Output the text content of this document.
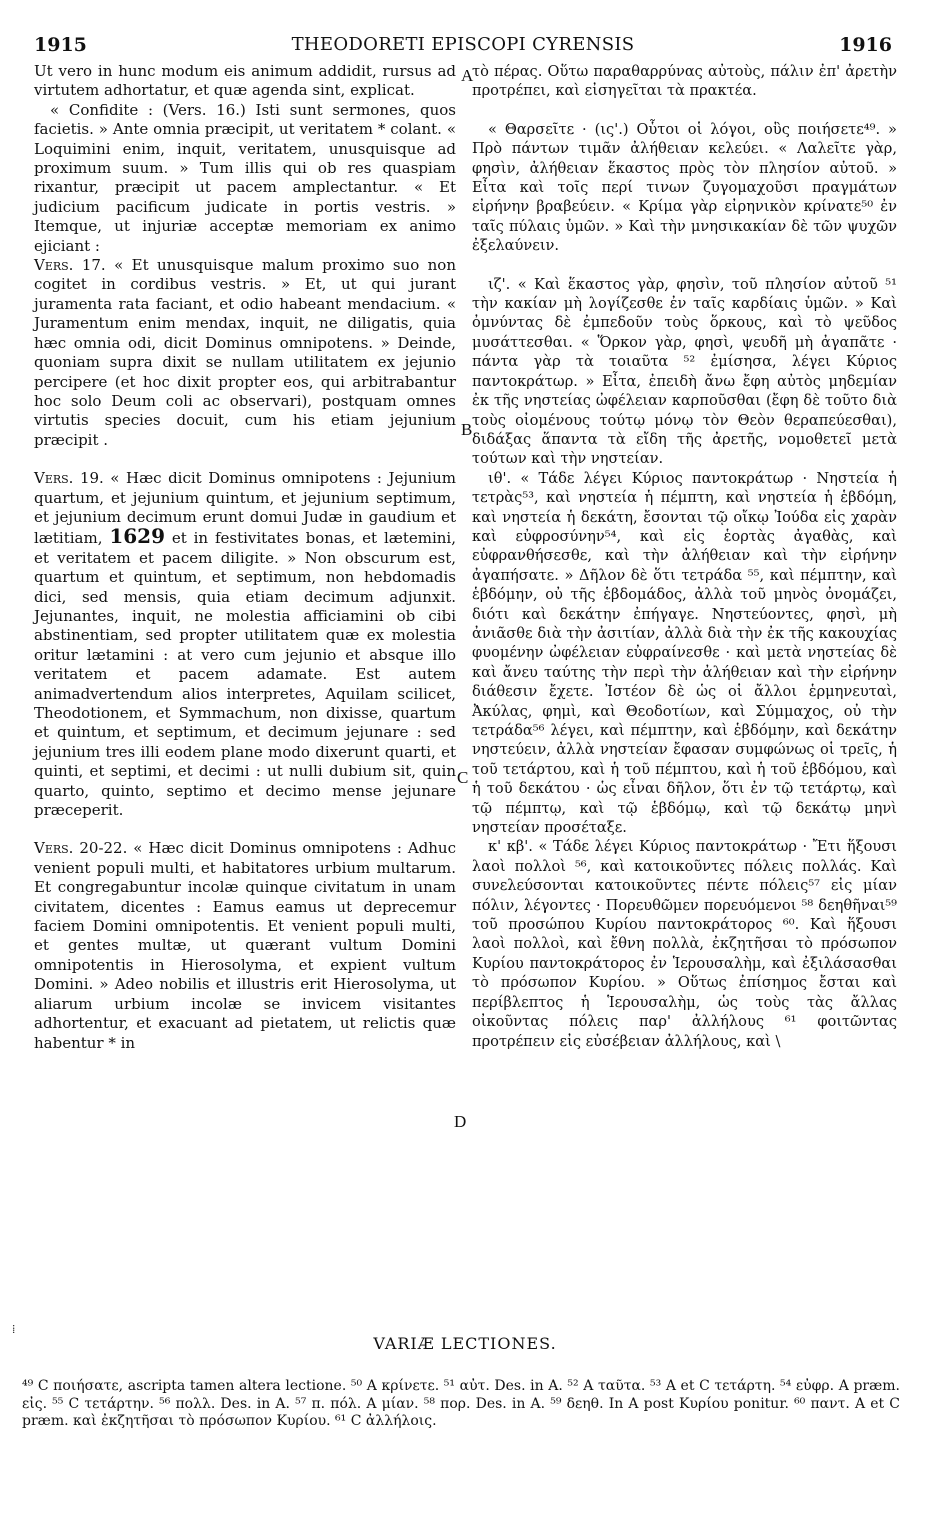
1915	THEODORETI EPISCOPI CYRENSIS	1916

Ut vero in hunc modum eis animum addidit, rursus ad virtutem adhortatur, et quæ agenda sint, explicat.

« Confidite : (Vers. 16.) Isti sunt sermones, quos facietis. » Ante omnia præcipit, ut veritatem * colant. « Loquimini enim, inquit, veritatem, unusquisque ad proximum suum. » Tum illis qui ob res quaspiam rixantur, præcipit ut pacem amplectantur. « Et judicium pacificum judicate in portis vestris. » Itemque, ut injuriæ acceptæ memoriam ex animo ejiciant :

Vers. 17. « Et unusquisque malum proximo suo non cogitet in cordibus vestris. » Et, ut qui jurant juramenta rata faciant, et odio habeant mendacium. « Juramentum enim mendax, inquit, ne diligatis, quia hæc omnia odi, dicit Dominus omnipotens. » Deinde, quoniam supra dixit se nullam utilitatem ex jejunio percipere (et hoc dixit propter eos, qui arbitrabantur hoc solo Deum coli ac observari), postquam omnes virtutis species docuit, cum his etiam jejunium præcipit .

Vers. 19. « Hæc dicit Dominus omnipotens : Jejunium quartum, et jejunium quintum, et jejunium septimum, et jejunium decimum erunt domui Judæ in gaudium et lætitiam, 1629 et in festivitates bonas, et lætemini, et veritatem et pacem diligite. » Non obscurum est, quartum et quintum, et septimum, non hebdomadis dici, sed mensis, quia etiam decimum adjunxit. Jejunantes, inquit, ne molestia afficiamini ob cibi abstinentiam, sed propter utilitatem quæ ex molestia oritur lætamini : at vero cum jejunio et absque illo veritatem et pacem adamate. Est autem animadvertendum alios interpretes, Aquilam scilicet, Theodotionem, et Symmachum, non dixisse, quartum et quintum, et septimum, et decimum jejunare : sed jejunium tres illi eodem plane modo dixerunt quarti, et quinti, et septimi, et decimi : ut nulli dubium sit, quin quarto, quinto, septimo et decimo mense jejunare præceperit.

Vers. 20-22. « Hæc dicit Dominus omnipotens : Adhuc venient populi multi, et habitatores urbium multarum. Et congregabuntur incolæ quinque civitatum in unam civitatem, dicentes : Eamus eamus ut deprecemur faciem Domini omnipotentis. Et venient populi multi, et gentes multæ, ut quærant vultum Domini omnipotentis in Hierosolyma, et expient vultum Domini. » Adeo nobilis et illustris erit Hierosolyma, ut aliarum urbium incolæ se invicem visitantes adhortentur, et exacuant ad pietatem, ut relictis quæ habentur * in

A
B
C
D

τὸ πέρας. Οὕτω παραθαρρύνας αὐτοὺς, πάλιν ἐπ' ἀρετὴν προτρέπει, καὶ εἰσηγεῖται τὰ πρακτέα.

« Θαρσεῖτε · (ις'.) Οὗτοι οἱ λόγοι, οὓς ποιήσετε⁴⁹. » Πρὸ πάντων τιμᾶν ἀλήθειαν κελεύει. « Λαλεῖτε γὰρ, φησὶν, ἀλήθειαν ἕκαστος πρὸς τὸν πλησίον αὐτοῦ. » Εἶτα καὶ τοῖς περί τινων ζυγομαχοῦσι πραγμάτων εἰρήνην βραβεύειν. « Κρίμα γὰρ εἰρηνικὸν κρίνατε⁵⁰ ἐν ταῖς πύλαις ὑμῶν. » Καὶ τὴν μνησικακίαν δὲ τῶν ψυχῶν ἐξελαύνειν.

ιζ'. « Καὶ ἕκαστος γὰρ, φησὶν, τοῦ πλησίον αὐτοῦ ⁵¹ τὴν κακίαν μὴ λογίζεσθε ἐν ταῖς καρδίαις ὑμῶν. » Καὶ ὀμνύντας δὲ ἐμπεδοῦν τοὺς ὅρκους, καὶ τὸ ψεῦδος μυσάττεσθαι. « Ὅρκον γὰρ, φησὶ, ψευδῆ μὴ ἀγαπᾶτε · πάντα γὰρ τὰ τοιαῦτα ⁵² ἐμίσησα, λέγει Κύριος παντοκράτωρ. » Εἶτα, ἐπειδὴ ἄνω ἔφη αὐτὸς μηδεμίαν ἐκ τῆς νηστείας ὠφέλειαν καρποῦσθαι (ἔφη δὲ τοῦτο διὰ τοὺς οἰομένους τούτῳ μόνῳ τὸν Θεὸν θεραπεύεσθαι), διδάξας ἅπαντα τὰ εἴδη τῆς ἀρετῆς, νομοθετεῖ μετὰ τούτων καὶ τὴν νηστείαν.

ιθ'. « Τάδε λέγει Κύριος παντοκράτωρ · Νηστεία ἡ τετρὰς⁵³, καὶ νηστεία ἡ πέμπτη, καὶ νηστεία ἡ ἑβδόμη, καὶ νηστεία ἡ δεκάτη, ἔσονται τῷ οἴκῳ Ἰούδα εἰς χαρὰν καὶ εὐφροσύνην⁵⁴, καὶ εἰς ἑορτὰς ἀγαθὰς, καὶ εὐφρανθήσεσθε, καὶ τὴν ἀλήθειαν καὶ τὴν εἰρήνην ἀγαπήσατε. » Δῆλον δὲ ὅτι τετράδα ⁵⁵, καὶ πέμπτην, καὶ ἑβδόμην, οὐ τῆς ἑβδομάδος, ἀλλὰ τοῦ μηνὸς ὀνομάζει, διότι καὶ δεκάτην ἐπήγαγε. Νηστεύοντες, φησὶ, μὴ ἀνιᾶσθε διὰ τὴν ἀσιτίαν, ἀλλὰ διὰ τὴν ἐκ τῆς κακουχίας φυομένην ὠφέλειαν εὐφραίνεσθε · καὶ μετὰ νηστείας δὲ καὶ ἄνευ ταύτης τὴν περὶ τὴν ἀλήθειαν καὶ τὴν εἰρήνην διάθεσιν ἔχετε. Ἰστέον δὲ ὡς οἱ ἄλλοι ἑρμηνευταὶ, Ἀκύλας, φημὶ, καὶ Θεοδοτίων, καὶ Σύμμαχος, οὐ τὴν τετράδα⁵⁶ λέγει, καὶ πέμπτην, καὶ ἑβδόμην, καὶ δεκάτην νηστεύειν, ἀλλὰ νηστείαν ἔφασαν συμφώνως οἱ τρεῖς, ἡ τοῦ τετάρτου, καὶ ἡ τοῦ πέμπτου, καὶ ἡ τοῦ ἑβδόμου, καὶ ἡ τοῦ δεκάτου · ὡς εἶναι δῆλον, ὅτι ἐν τῷ τετάρτῳ, καὶ τῷ πέμπτῳ, καὶ τῷ ἑβδόμῳ, καὶ τῷ δεκάτῳ μηνὶ νηστείαν προσέταξε.

κ' κβ'. « Τάδε λέγει Κύριος παντοκράτωρ · Ἔτι ἥξουσι λαοὶ πολλοὶ ⁵⁶, καὶ κατοικοῦντες πόλεις πολλάς. Καὶ συνελεύσονται κατοικοῦντες πέντε πόλεις⁵⁷ εἰς μίαν πόλιν, λέγοντες · Πορευθῶμεν πορευόμενοι ⁵⁸ δεηθῆναι⁵⁹ τοῦ προσώπου Κυρίου παντοκράτορος ⁶⁰. Καὶ ἥξουσι λαοὶ πολλοὶ, καὶ ἔθνη πολλὰ, ἐκζητῆσαι τὸ πρόσωπον Κυρίου παντοκράτορος ἐν Ἱερουσαλὴμ, καὶ ἐξιλάσασθαι τὸ πρόσωπον Κυρίου. » Οὕτως ἐπίσημος ἔσται καὶ περίβλεπτος ἡ Ἱερουσαλὴμ, ὡς τοὺς τὰς ἄλλας οἰκοῦντας πόλεις παρ' ἀλλήλους ⁶¹ φοιτῶντας προτρέπειν εἰς εὐσέβειαν ἀλλήλους, καὶ \

⁞
VARIÆ LECTIONES.
⁴⁹ C ποιήσατε, ascripta tamen altera lectione. ⁵⁰ A κρίνετε. ⁵¹ αὐτ. Des. in A. ⁵² A ταῦτα. ⁵³ A et C τετάρτη. ⁵⁴ εὐφρ. A præm. εἰς. ⁵⁵ C τετάρτην. ⁵⁶ πολλ. Des. in A. ⁵⁷ π. πόλ. A μίαν. ⁵⁸ πορ. Des. in A. ⁵⁹ δεηθ. In A post Κυρίου ponitur. ⁶⁰ παντ. A et C præm. καὶ ἐκζητῆσαι τὸ πρόσωπον Κυρίου. ⁶¹ C ἀλλήλοις.
